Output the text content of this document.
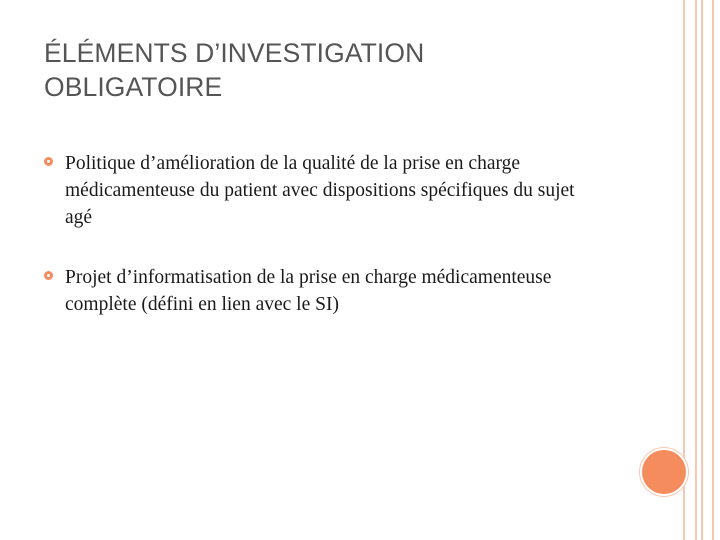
ÉLÉMENTS D’INVESTIGATION OBLIGATOIRE
Politique d’amélioration de la qualité de la prise en charge médicamenteuse du patient avec dispositions spécifiques du sujet agé
Projet d’informatisation de la prise en charge médicamenteuse complète (défini en lien avec le SI)
